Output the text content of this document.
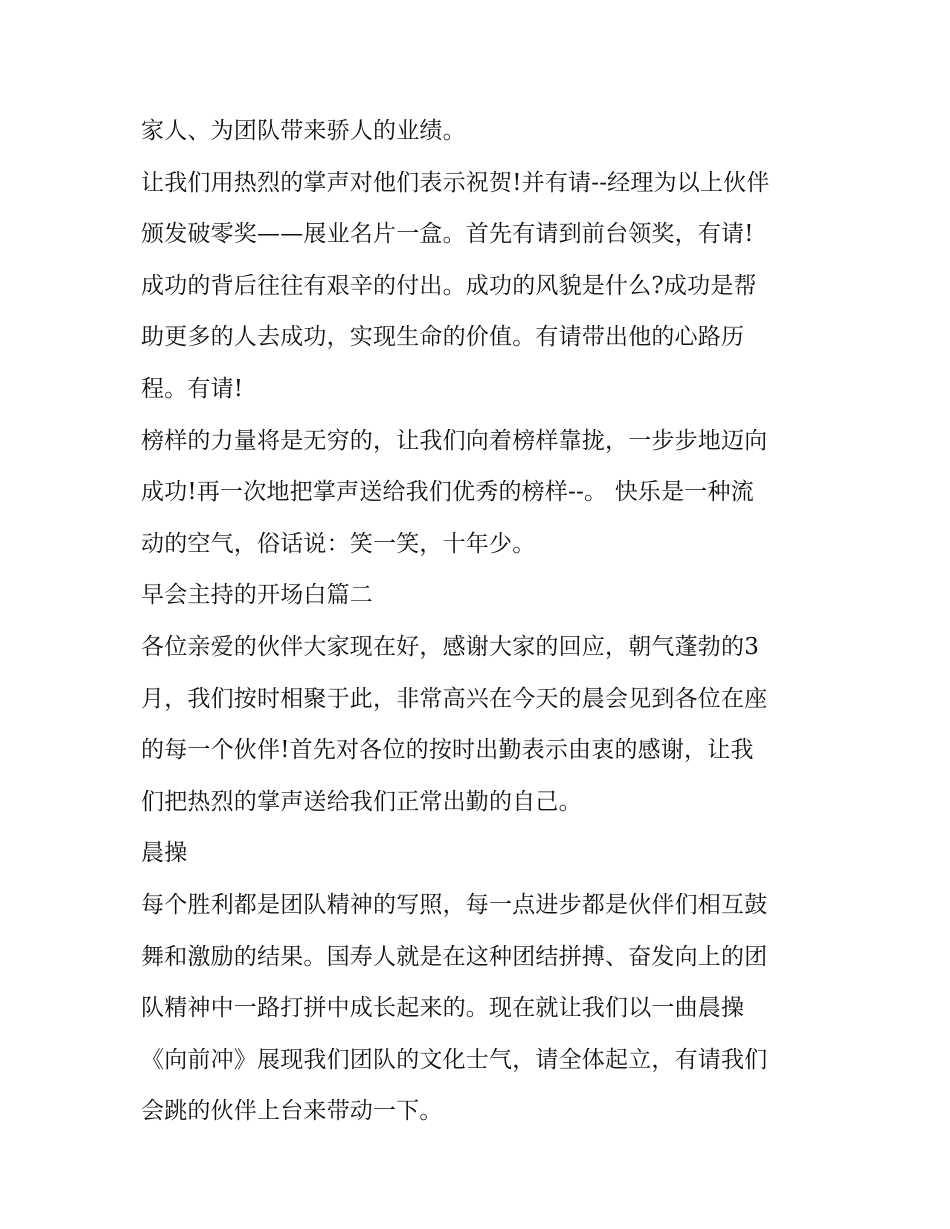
家人、为团队带来骄人的业绩。
让我们用热烈的掌声对他们表示祝贺!并有请--经理为以上伙伴
颁发破零奖——展业名片一盒。首先有请到前台领奖，有请!
成功的背后往往有艰辛的付出。成功的风貌是什么?成功是帮
助更多的人去成功，实现生命的价值。有请带出他的心路历
程。有请!
榜样的力量将是无穷的，让我们向着榜样靠拢，一步步地迈向
成功!再一次地把掌声送给我们优秀的榜样--。 快乐是一种流
动的空气，俗话说：笑一笑，十年少。
早会主持的开场白篇二
各位亲爱的伙伴大家现在好，感谢大家的回应，朝气蓬勃的3
月，我们按时相聚于此，非常高兴在今天的晨会见到各位在座
的每一个伙伴!首先对各位的按时出勤表示由衷的感谢，让我
们把热烈的掌声送给我们正常出勤的自己。
晨操
每个胜利都是团队精神的写照，每一点进步都是伙伴们相互鼓
舞和激励的结果。国寿人就是在这种团结拼搏、奋发向上的团
队精神中一路打拼中成长起来的。现在就让我们以一曲晨操
《向前冲》展现我们团队的文化士气，请全体起立，有请我们
会跳的伙伴上台来带动一下。
